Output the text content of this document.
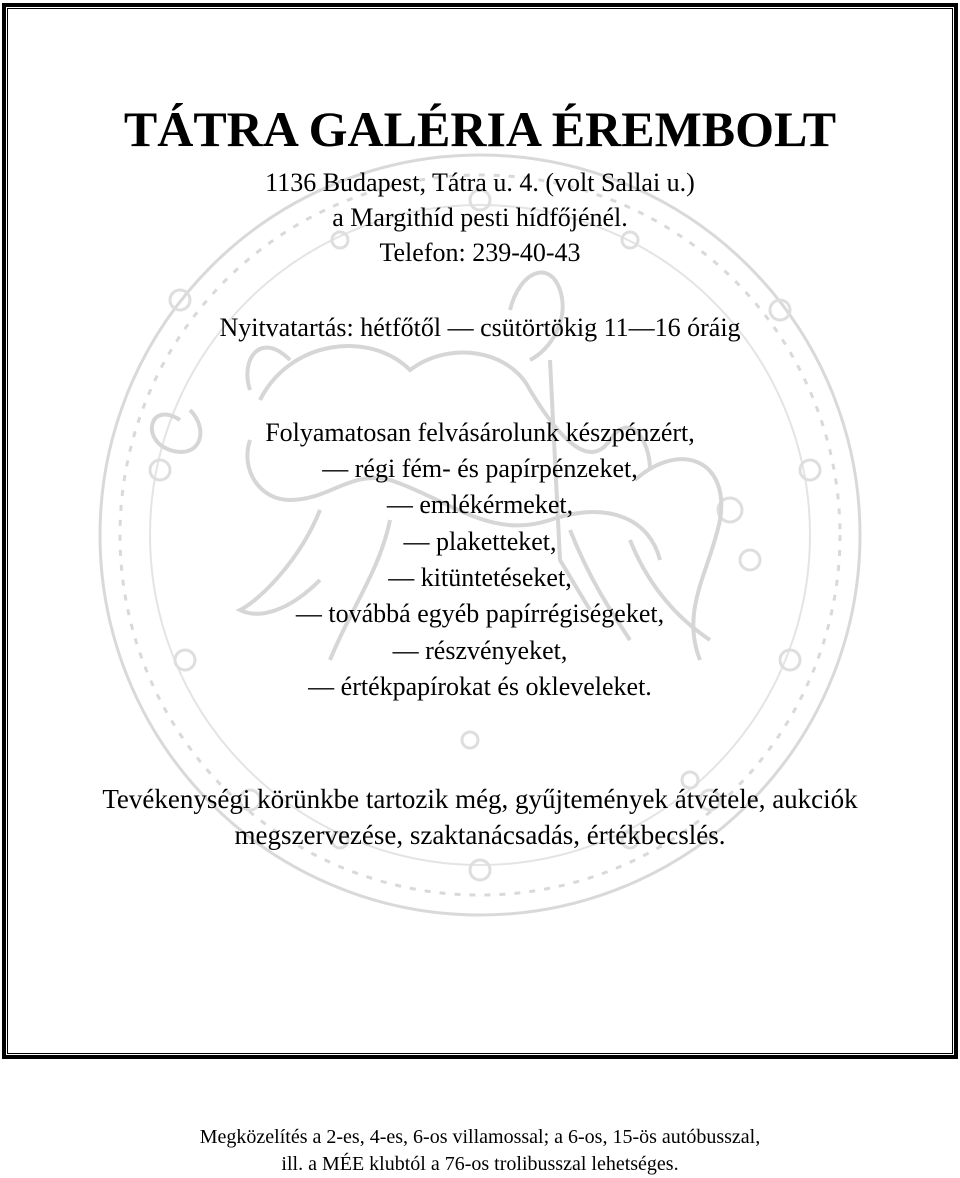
TÁTRA GALÉRIA ÉREMBOLT
1136 Budapest, Tátra u. 4. (volt Sallai u.)
a Margithíd pesti hídfőjénél.
Telefon: 239-40-43
Nyitvatartás: hétfőtől — csütörtökig 11—16 óráig
Folyamatosan felvásárolunk készpénzért,
— régi fém- és papírpénzeket,
— emlékérmeket,
— plaketteket,
— kitüntetéseket,
— továbbá egyéb papírrégiségeket,
— részvényeket,
— értékpapírokat és okleveleket.
Tevékenységi körünkbe tartozik még, gyűjtemények átvétele, aukciók
megszervezése, szaktanácsadás, értékbecslés.
Megközelítés a 2-es, 4-es, 6-os villamossal; a 6-os, 15-ös autóbusszal,
ill. a MÉE klubtól a 76-os trolibusszal lehetséges.
